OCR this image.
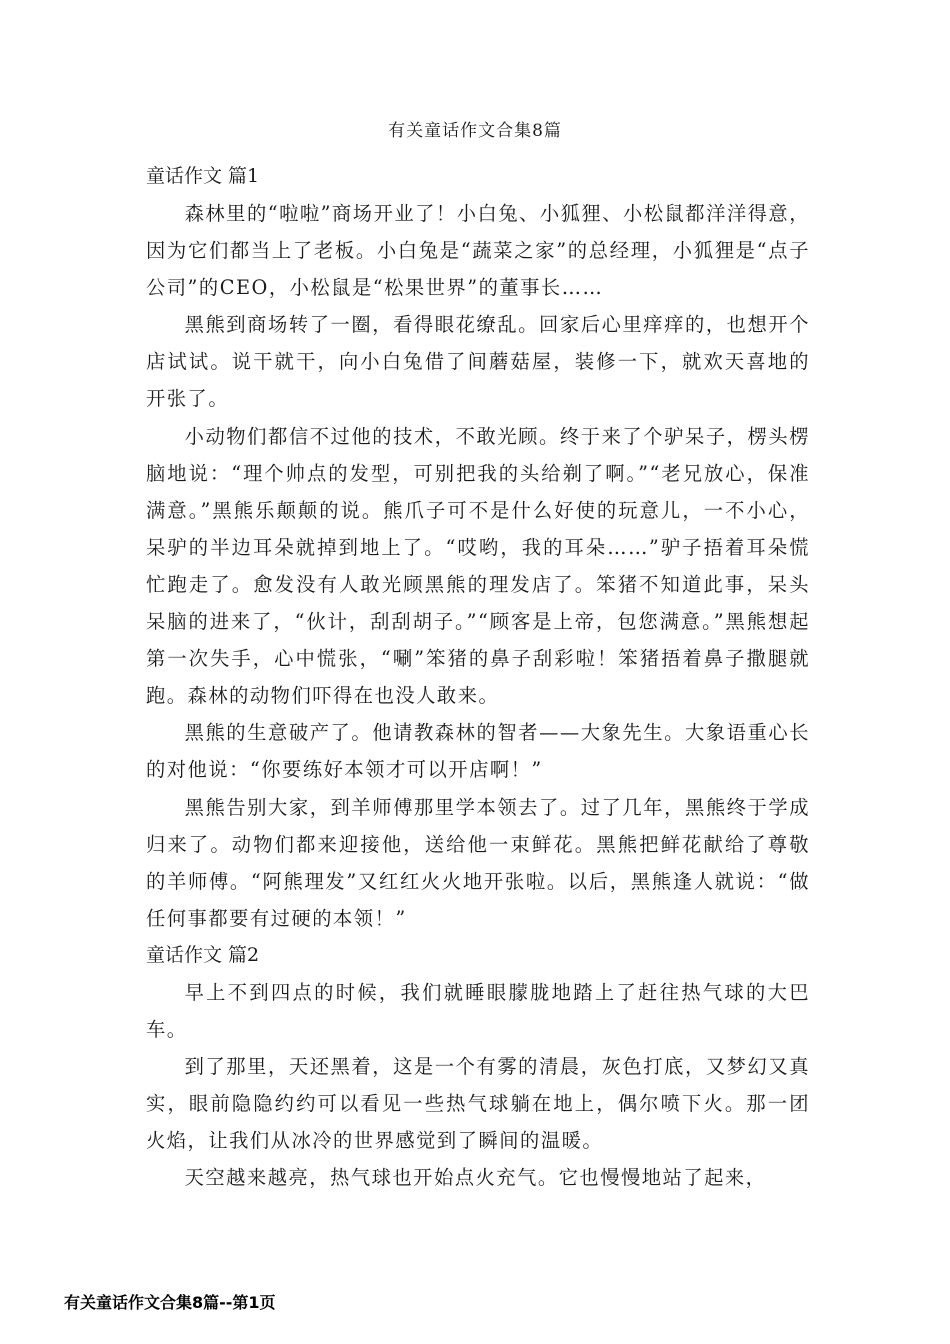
有关童话作文合集8篇
童话作文 篇1

森林里的“啦啦”商场开业了！小白兔、小狐狸、小松鼠都洋洋得意，因为它们都当上了老板。小白兔是“蔬菜之家”的总经理，小狐狸是“点子公司”的CEO，小松鼠是“松果世界”的董事长……

黑熊到商场转了一圈，看得眼花缭乱。回家后心里痒痒的，也想开个店试试。说干就干，向小白兔借了间蘑菇屋，装修一下，就欢天喜地的开张了。

小动物们都信不过他的技术，不敢光顾。终于来了个驴呆子，楞头楞脑地说：“理个帅点的发型，可别把我的头给剃了啊。”“老兄放心，保准满意。”黑熊乐颠颠的说。熊爪子可不是什么好使的玩意儿，一不小心，呆驴的半边耳朵就掉到地上了。“哎哟，我的耳朵……”驴子捂着耳朵慌忙跑走了。愈发没有人敢光顾黑熊的理发店了。笨猪不知道此事，呆头呆脑的进来了，“伙计，刮刮胡子。”“顾客是上帝，包您满意。”黑熊想起第一次失手，心中慌张，“唰”笨猪的鼻子刮彩啦！笨猪捂着鼻子撒腿就跑。森林的动物们吓得在也没人敢来。

黑熊的生意破产了。他请教森林的智者——大象先生。大象语重心长的对他说：“你要练好本领才可以开店啊！”

黑熊告别大家，到羊师傅那里学本领去了。过了几年，黑熊终于学成归来了。动物们都来迎接他，送给他一束鲜花。黑熊把鲜花献给了尊敬的羊师傅。“阿熊理发”又红红火火地开张啦。以后，黑熊逢人就说：“做任何事都要有过硬的本领！”

童话作文 篇2

早上不到四点的时候，我们就睡眼朦胧地踏上了赶往热气球的大巴车。

到了那里，天还黑着，这是一个有雾的清晨，灰色打底，又梦幻又真实，眼前隐隐约约可以看见一些热气球躺在地上，偶尔喷下火。那一团火焰，让我们从冰冷的世界感觉到了瞬间的温暖。

天空越来越亮，热气球也开始点火充气。它也慢慢地站了起来，

有关童话作文合集8篇--第1页
